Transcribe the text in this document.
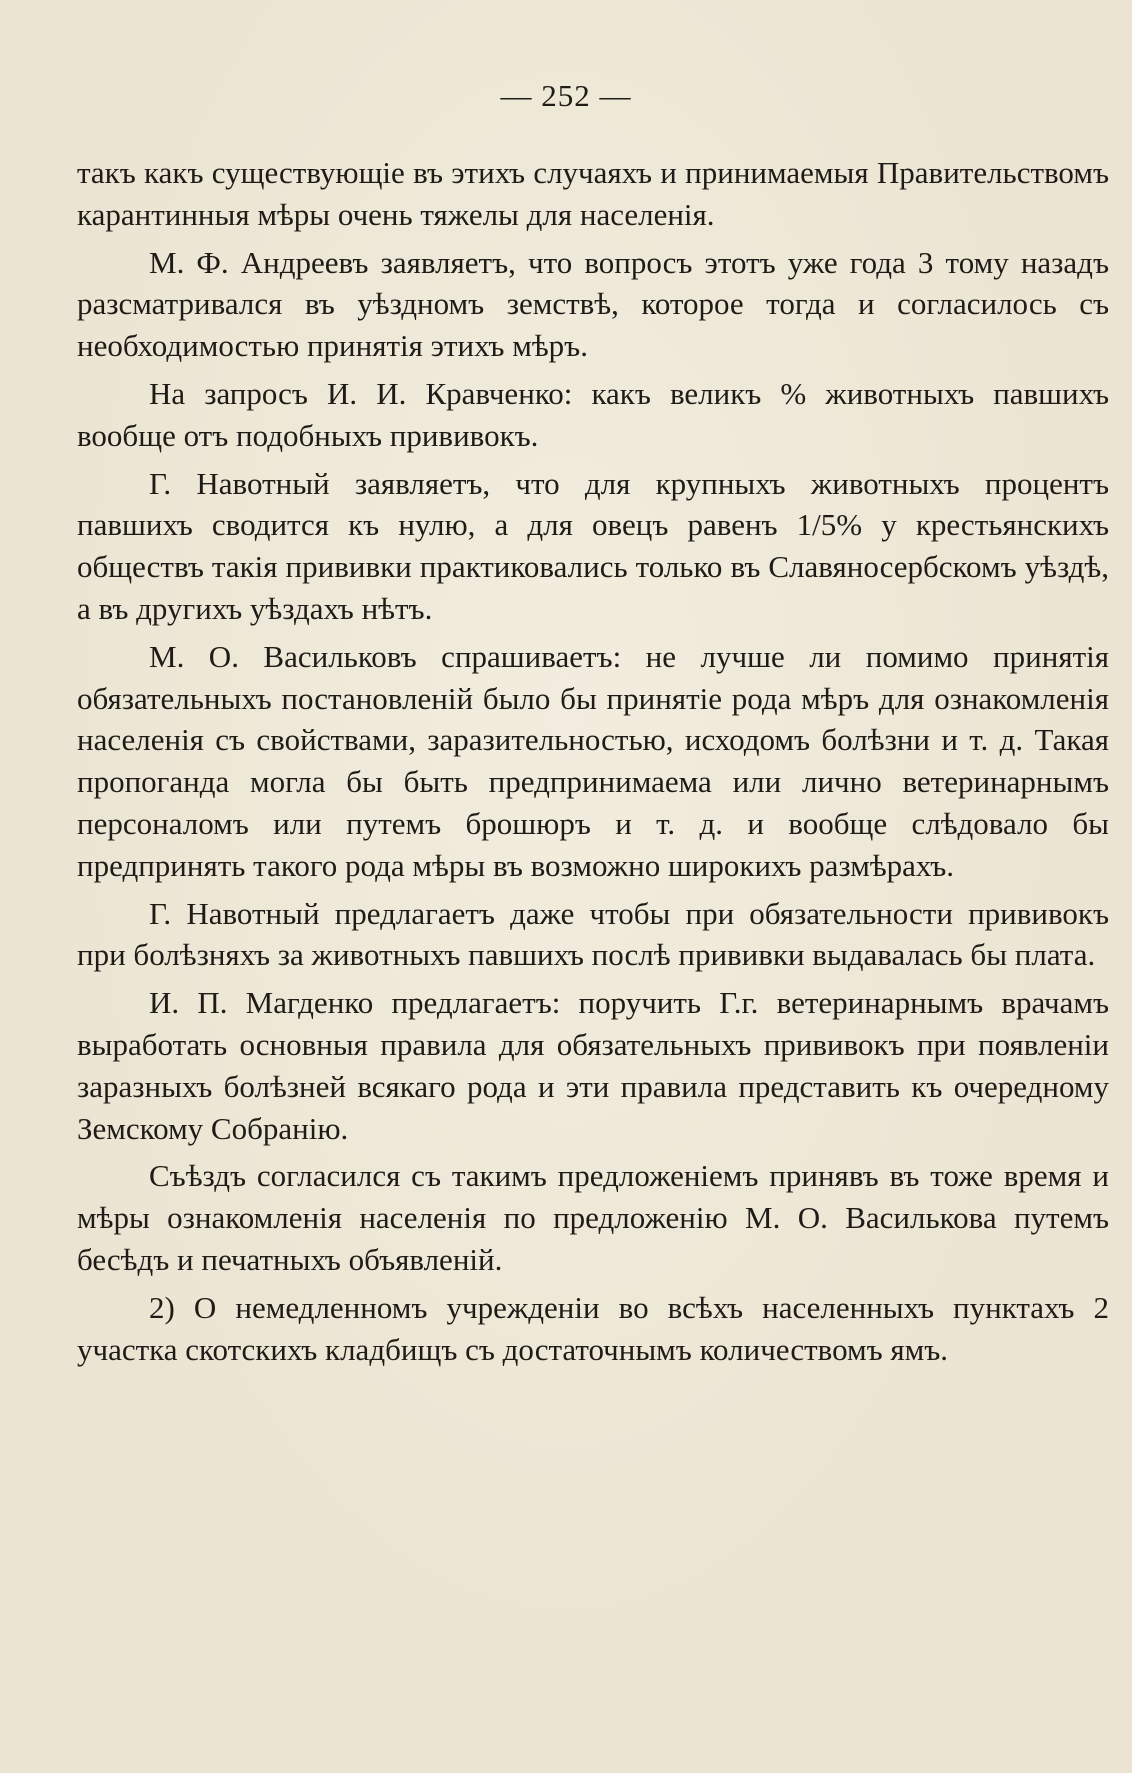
— 252 —

такъ какъ существующіе въ этихъ случаяхъ и принимаемыя Правительствомъ карантинныя мѣры очень тяжелы для населенія.

М. Ф. Андреевъ заявляетъ, что вопросъ этотъ уже года 3 тому назадъ разсматривался въ уѣздномъ земствѣ, которое тогда и согласилось съ необходимостью принятія этихъ мѣръ.

На запросъ И. И. Кравченко: какъ великъ % животныхъ павшихъ вообще отъ подобныхъ прививокъ.

Г. Навотный заявляетъ, что для крупныхъ животныхъ процентъ павшихъ сводится къ нулю, а для овецъ равенъ 1/5% у крестьянскихъ обществъ такія прививки практиковались только въ Славяносербскомъ уѣздѣ, а въ другихъ уѣздахъ нѣтъ.

М. О. Васильковъ спрашиваетъ: не лучше ли помимо принятія обязательныхъ постановленій было бы принятіе рода мѣръ для ознакомленія населенія съ свойствами, заразительностью, исходомъ болѣзни и т. д. Такая пропоганда могла бы быть предпринимаема или лично ветеринарнымъ персоналомъ или путемъ брошюръ и т. д. и вообще слѣдовало бы предпринять такого рода мѣры въ возможно широкихъ размѣрахъ.

Г. Навотный предлагаетъ даже чтобы при обязательности прививокъ при болѣзняхъ за животныхъ павшихъ послѣ прививки выдавалась бы плата.

И. П. Магденко предлагаетъ: поручить Г.г. ветеринарнымъ врачамъ выработать основныя правила для обязательныхъ прививокъ при появленіи заразныхъ болѣзней всякаго рода и эти правила представить къ очередному Земскому Собранію.

Съѣздъ согласился съ такимъ предложеніемъ принявъ въ тоже время и мѣры ознакомленія населенія по предложенію М. О. Василькова путемъ бесѣдъ и печатныхъ объявленій.

2) О немедленномъ учрежденіи во всѣхъ населенныхъ пунктахъ 2 участка скотскихъ кладбищъ съ достаточнымъ количествомъ ямъ.
